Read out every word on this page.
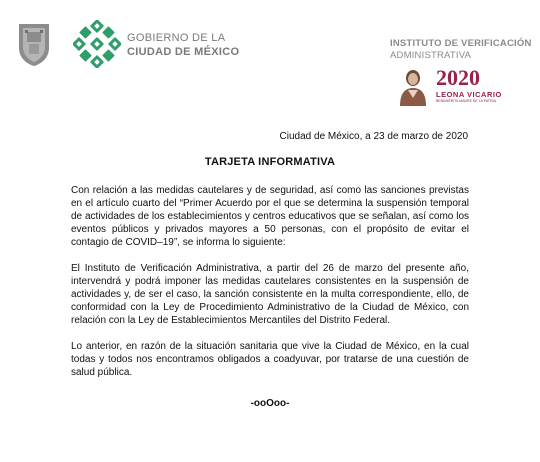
GOBIERNO DE LA
CIUDAD DE MÉXICO
INSTITUTO DE VERIFICACIÓN
ADMINISTRATIVA
2020
LEONA VICARIO
BENEMÉRITA MADRE DE LA PATRIA
Ciudad de México, a 23 de marzo de 2020
TARJETA INFORMATIVA

Con relación a las medidas cautelares y de seguridad, así como las sanciones previstas en el artículo cuarto del “Primer Acuerdo por el que se determina la suspensión temporal de actividades de los establecimientos y centros educativos que se señalan, así como los eventos públicos y privados mayores a 50 personas, con el propósito de evitar el contagio de COVID–19”, se informa lo siguiente:

El Instituto de Verificación Administrativa, a partir del 26 de marzo del presente año, intervendrá y podrá imponer las medidas cautelares consistentes en la suspensión de actividades y, de ser el caso, la sanción consistente en la multa correspondiente, ello, de conformidad con la Ley de Procedimiento Administrativo de la Ciudad de México, con relación con la Ley de Establecimientos Mercantiles del Distrito Federal.

Lo anterior, en razón de la situación sanitaria que vive la Ciudad de México, en la cual todas y todos nos encontramos obligados a coadyuvar, por tratarse de una cuestión de salud pública.

-ooOoo-
